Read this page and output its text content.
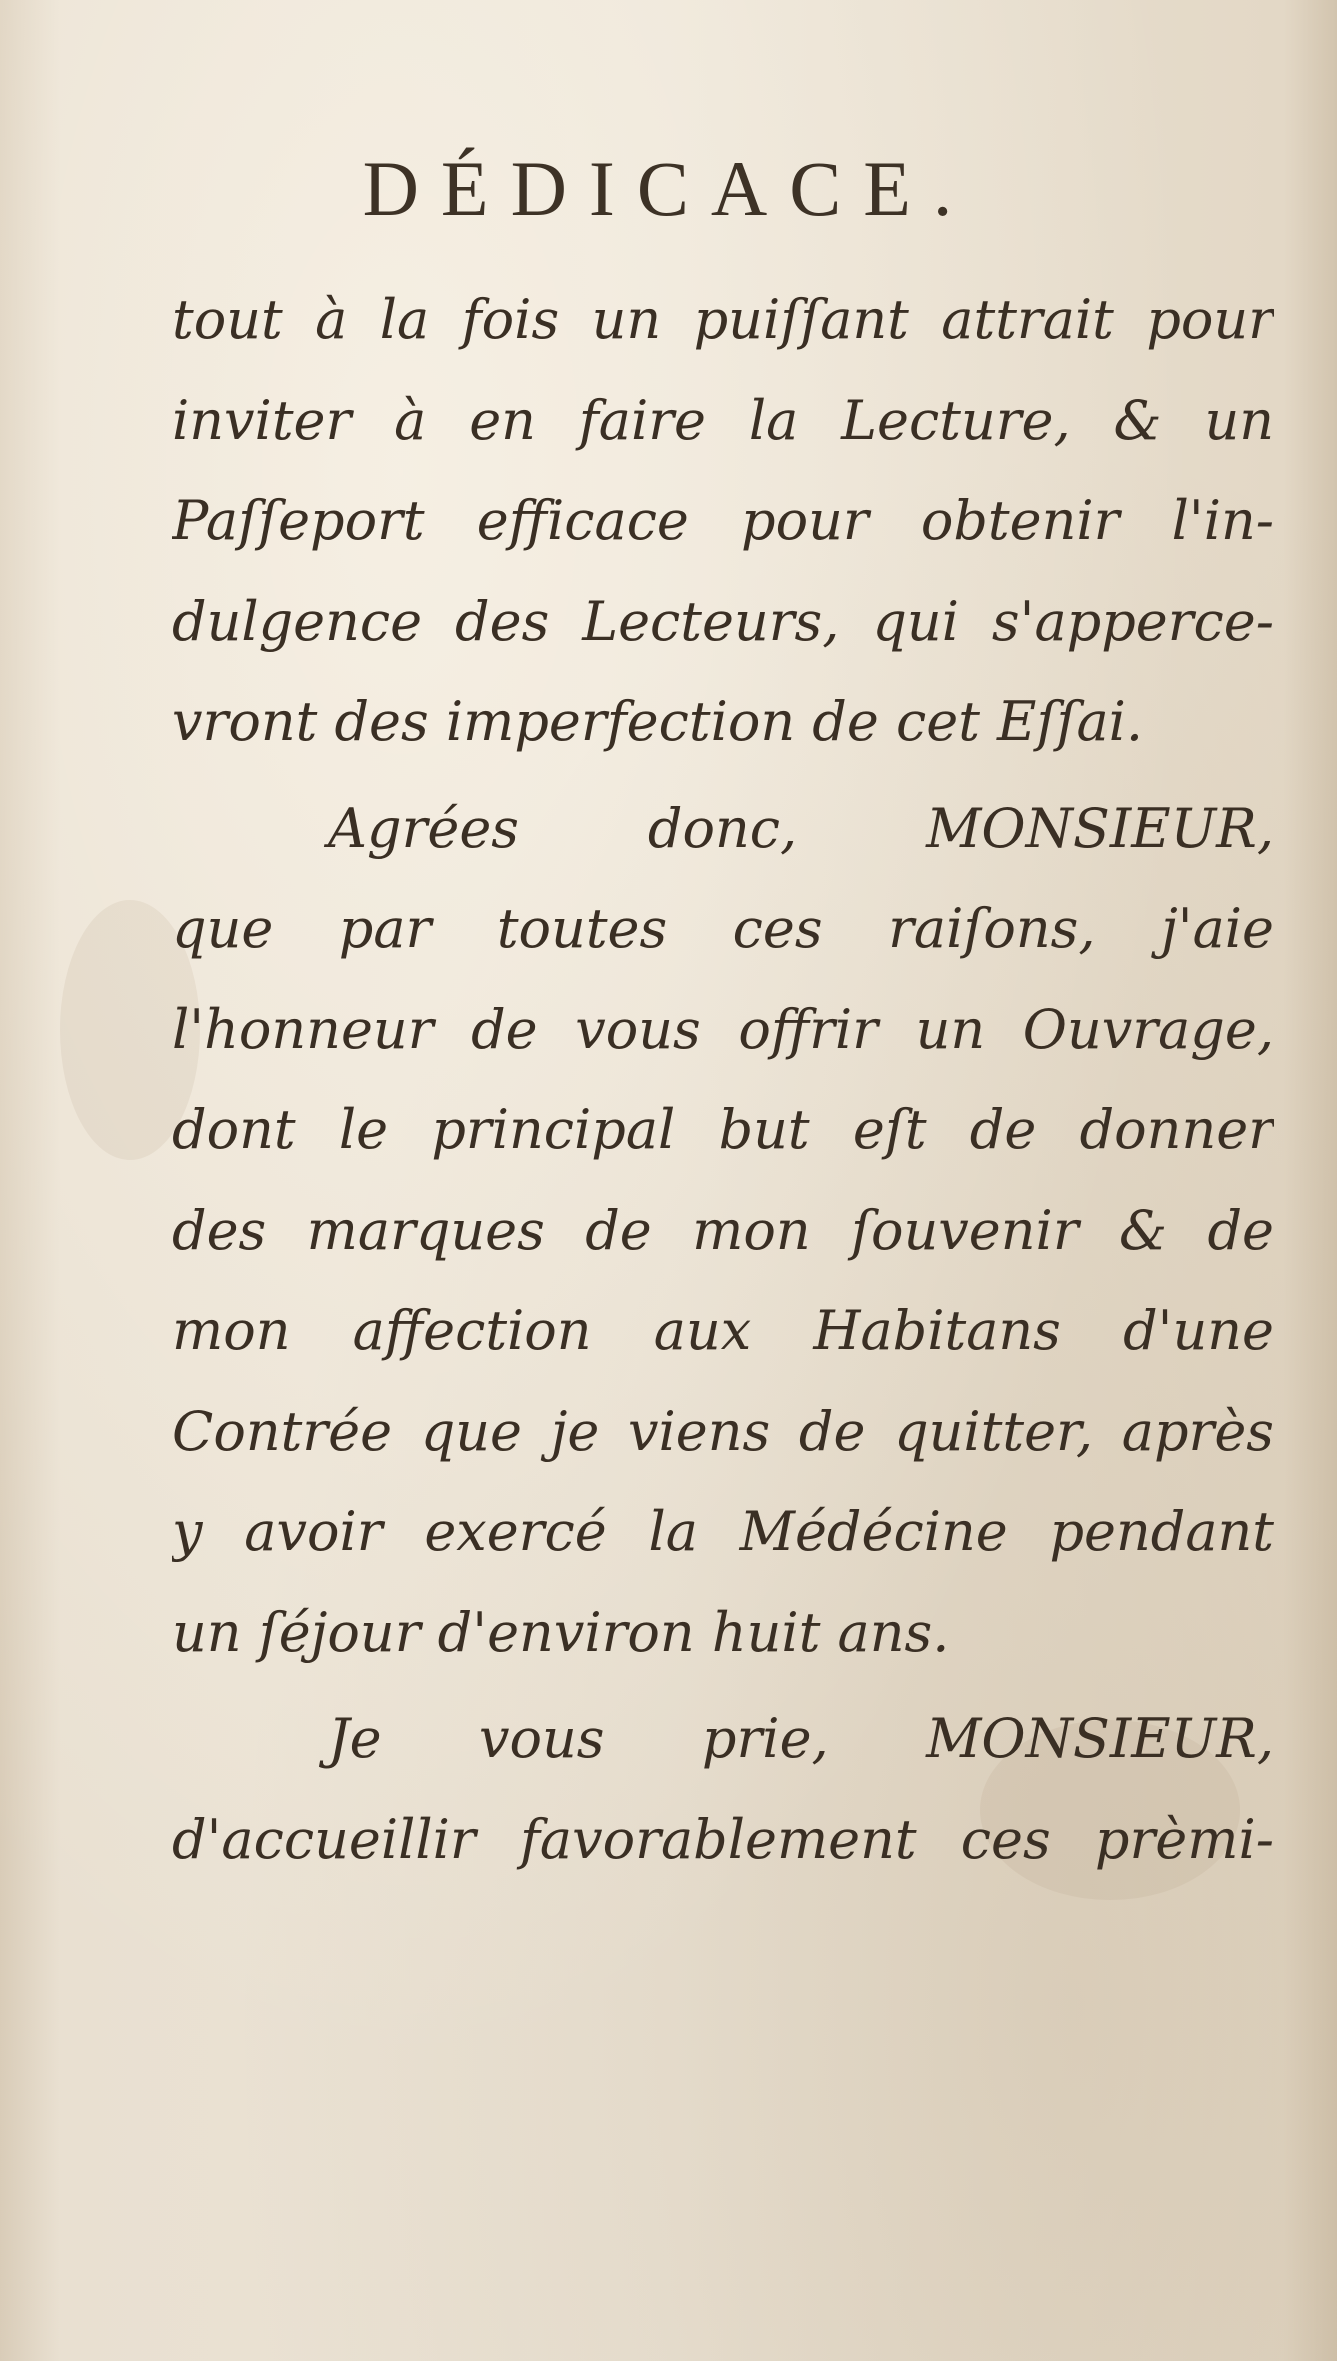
DÉDICACE.

tout à la fois un puiſſant attrait pour
inviter à en faire la Lecture, & un
Paſſeport efficace pour obtenir l'in-
dulgence des Lecteurs, qui s'apperce-
vront des imperfection de cet Eſſai.

Agrées donc, MONSIEUR,
que par toutes ces raiſons, j'aie
l'honneur de vous offrir un Ouvrage,
dont le principal but eſt de donner
des marques de mon ſouvenir & de
mon affection aux Habitans d'une
Contrée que je viens de quitter, après
y avoir exercé la Médécine pendant
un ſéjour d'environ huit ans.

Je vous prie, MONSIEUR,
d'accueillir favorablement ces prèmi-
